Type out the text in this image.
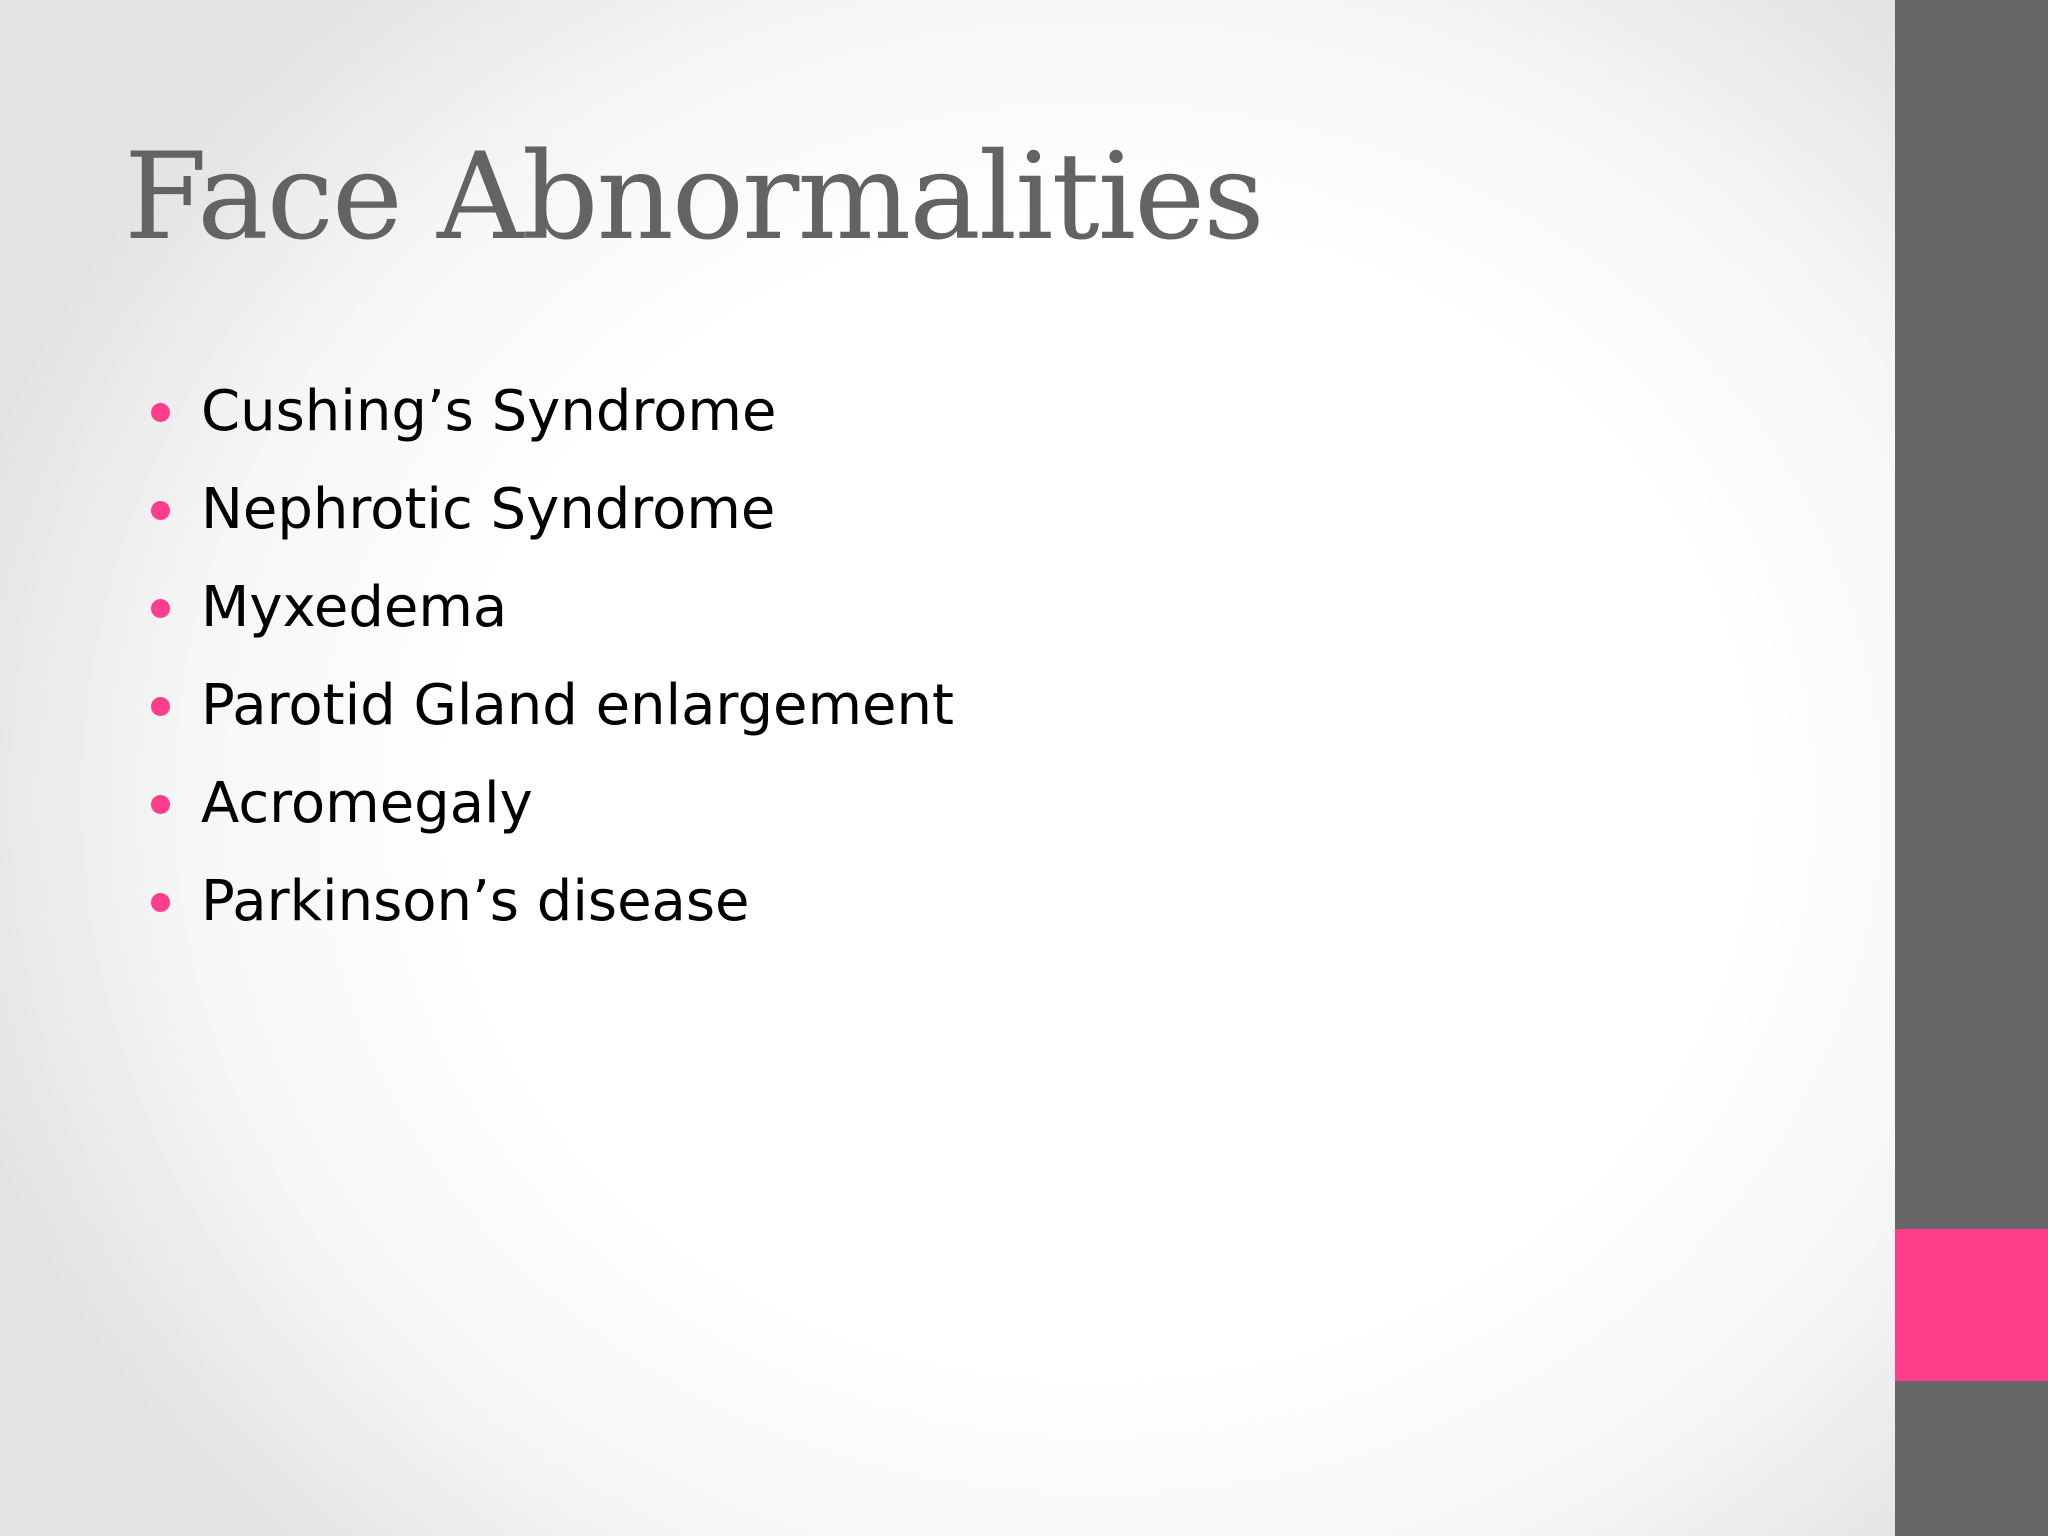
Face Abnormalities
Cushing’s Syndrome
Nephrotic Syndrome
Myxedema
Parotid Gland enlargement
Acromegaly
Parkinson’s disease
